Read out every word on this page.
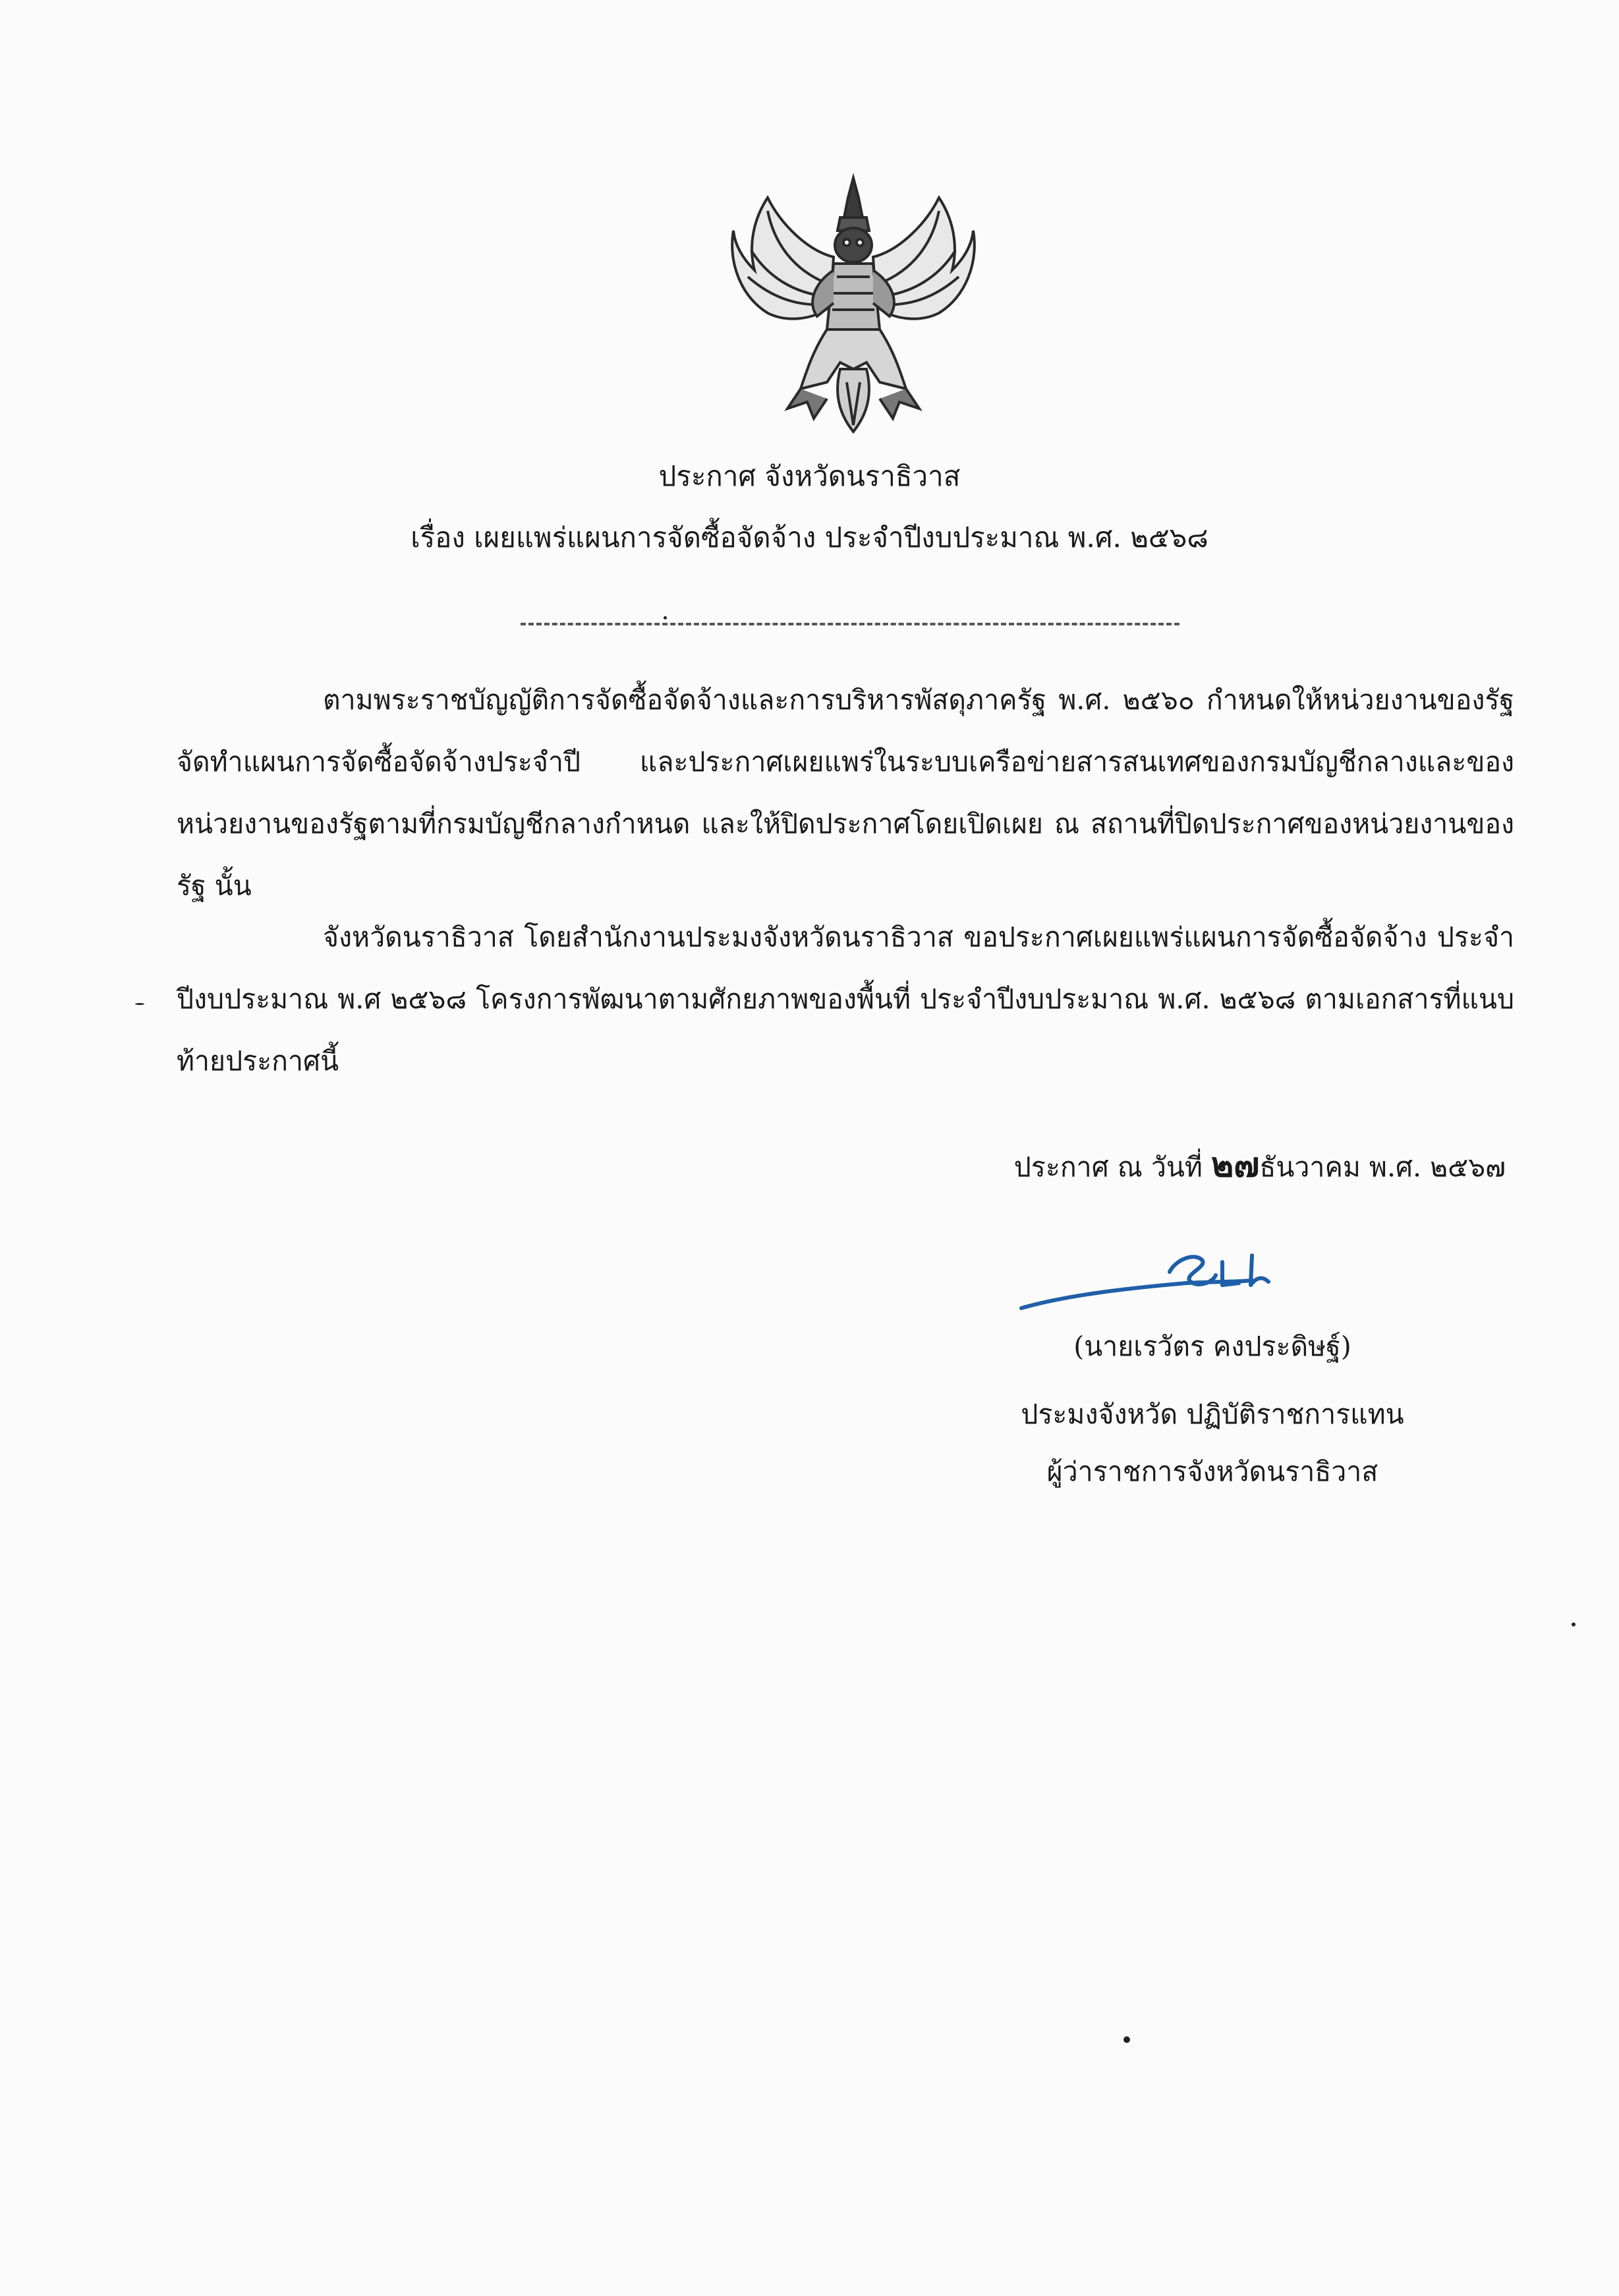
ประกาศ จังหวัดนราธิวาส
เรื่อง เผยแพร่แผนการจัดซื้อจัดจ้าง ประจำปีงบประมาณ พ.ศ. ๒๕๖๘
ตามพระราชบัญญัติการจัดซื้อจัดจ้างและการบริหารพัสดุภาครัฐ พ.ศ. ๒๕๖๐ กำหนดให้หน่วยงานของรัฐ จัดทำแผนการจัดซื้อจัดจ้างประจำปี และประกาศเผยแพร่ในระบบเครือข่ายสารสนเทศของกรมบัญชีกลางและของหน่วยงานของรัฐตามที่กรมบัญชีกลางกำหนด และให้ปิดประกาศโดยเปิดเผย ณ สถานที่ปิดประกาศของหน่วยงานของรัฐ นั้น
จังหวัดนราธิวาส โดยสำนักงานประมงจังหวัดนราธิวาส ขอประกาศเผยแพร่แผนการจัดซื้อจัดจ้าง ประจำปีงบประมาณ พ.ศ ๒๕๖๘ โครงการพัฒนาตามศักยภาพของพื้นที่ ประจำปีงบประมาณ พ.ศ. ๒๕๖๘ ตามเอกสารที่แนบท้ายประกาศนี้
ประกาศ ณ วันที่ ๒๗ธันวาคม พ.ศ. ๒๕๖๗
(นายเรวัตร คงประดิษฐ์)
ประมงจังหวัด ปฏิบัติราชการแทน
ผู้ว่าราชการจังหวัดนราธิวาส
